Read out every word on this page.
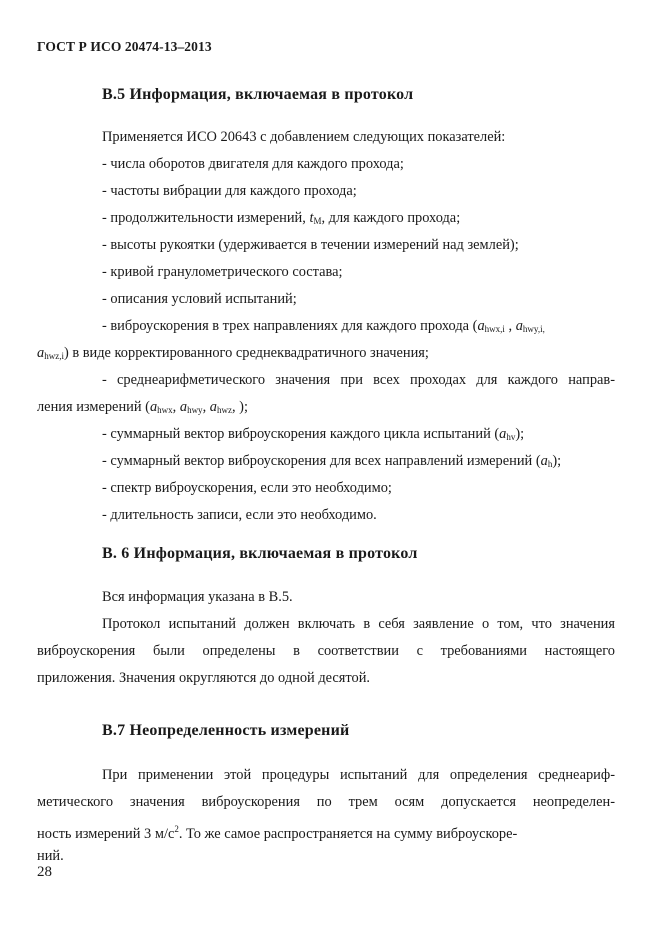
ГОСТ Р ИСО 20474-13–2013
В.5 Информация, включаемая в протокол
Применяется ИСО 20643 с добавлением следующих показателей:
- числа оборотов двигателя для каждого прохода;
- частоты вибрации для каждого прохода;
- продолжительности измерений, $t_M$, для каждого прохода;
- высоты рукоятки (удерживается в течении измерений над землей);
- кривой гранулометрического состава;
- описания условий испытаний;
- виброускорения в трех направлениях для каждого прохода ($a_{hwx,i}$ , $a_{hwy,i,}$
$a_{hwz,i}$) в виде корректированного среднеквадратичного значения;
- среднеарифметического значения при всех проходах для каждого направ-
ления измерений ($a_{hwx}$, $a_{hwy}$, $a_{hwz}$, );
- суммарный вектор виброускорения каждого цикла испытаний $(a_{hv})$;
- суммарный вектор виброускорения для всех направлений измерений $(a_h)$;
- спектр виброускорения, если это необходимо;
- длительность записи, если это необходимо.
В. 6 Информация, включаемая в протокол
Вся информация указана в В.5.
Протокол испытаний должен включать в себя заявление о том, что значения
виброускорения были определены в соответствии с требованиями настоящего
приложения. Значения округляются до одной десятой.
В.7 Неопределенность измерений
При применении этой процедуры испытаний для определения среднеариф-
метического значения виброускорения по трем осям допускается неопределен-
ность измерений 3 $м/с^2$. То же самое распространяется на сумму виброускоре-
ний.
28
